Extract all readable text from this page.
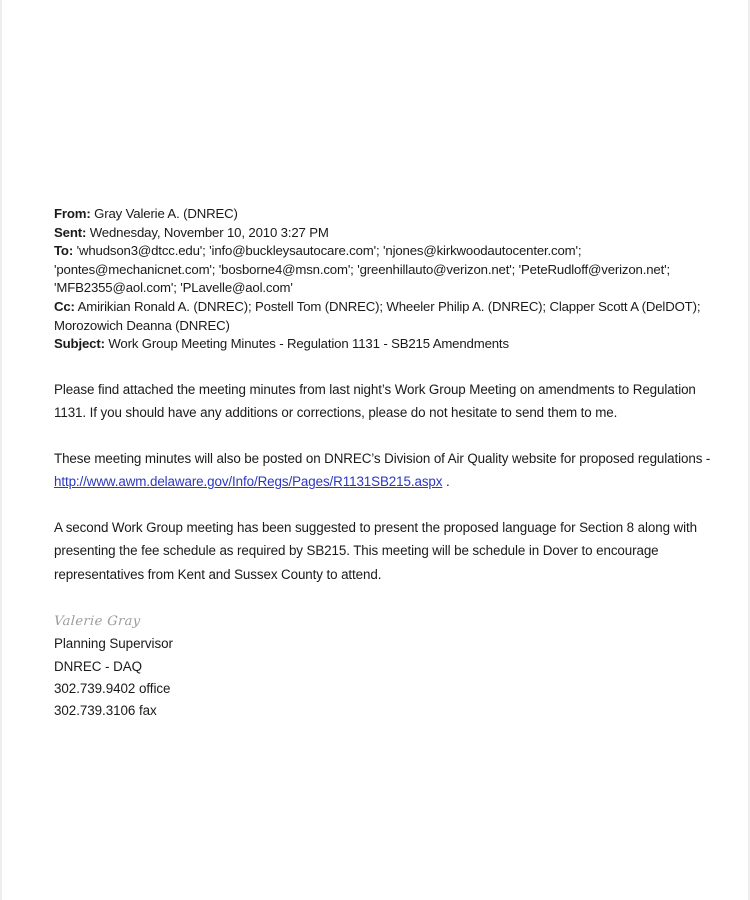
From: Gray Valerie A. (DNREC)
Sent: Wednesday, November 10, 2010 3:27 PM
To: 'whudson3@dtcc.edu'; 'info@buckleysautocare.com'; 'njones@kirkwoodautocenter.com'; 'pontes@mechanicnet.com'; 'bosborne4@msn.com'; 'greenhillauto@verizon.net'; 'PeteRudloff@verizon.net'; 'MFB2355@aol.com'; 'PLavelle@aol.com'
Cc: Amirikian Ronald A. (DNREC); Postell Tom (DNREC); Wheeler Philip A. (DNREC); Clapper Scott A (DelDOT); Morozowich Deanna (DNREC)
Subject: Work Group Meeting Minutes - Regulation 1131 - SB215 Amendments

Please find attached the meeting minutes from last night’s Work Group Meeting on amendments to Regulation 1131. If you should have any additions or corrections, please do not hesitate to send them to me.

These meeting minutes will also be posted on DNREC’s Division of Air Quality website for proposed regulations - http://www.awm.delaware.gov/Info/Regs/Pages/R1131SB215.aspx .

A second Work Group meeting has been suggested to present the proposed language for Section 8 along with presenting the fee schedule as required by SB215. This meeting will be schedule in Dover to encourage representatives from Kent and Sussex County to attend.

Valerie Gray
Planning Supervisor
DNREC - DAQ
302.739.9402 office
302.739.3106 fax
